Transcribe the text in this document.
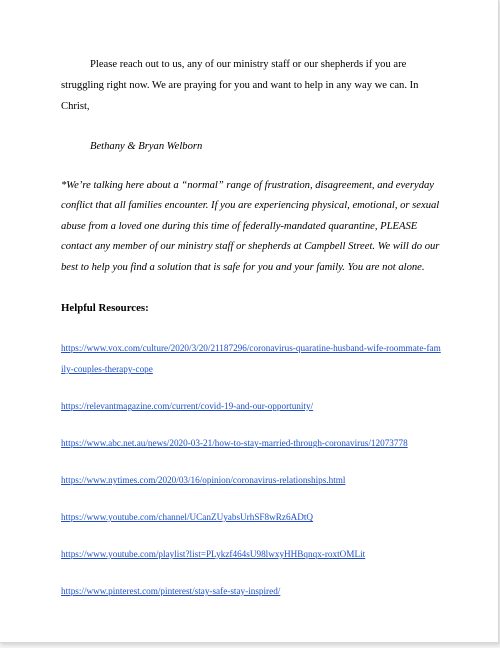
Please reach out to us, any of our ministry staff or our shepherds if you are struggling right now. We are praying for you and want to help in any way we can. In Christ,

Bethany & Bryan Welborn

*We’re talking here about a “normal” range of frustration, disagreement, and everyday conflict that all families encounter. If you are experiencing physical, emotional, or sexual abuse from a loved one during this time of federally-mandated quarantine, PLEASE contact any member of our ministry staff or shepherds at Campbell Street. We will do our best to help you find a solution that is safe for you and your family. You are not alone.

Helpful Resources:

https://www.vox.com/culture/2020/3/20/21187296/coronavirus-quaratine-husband-wife-roommate-family-couples-therapy-cope
https://relevantmagazine.com/current/covid-19-and-our-opportunity/
https://www.abc.net.au/news/2020-03-21/how-to-stay-married-through-coronavirus/12073778
https://www.nytimes.com/2020/03/16/opinion/coronavirus-relationships.html
https://www.youtube.com/channel/UCanZUyabsUrhSF8wRz6ADtQ
https://www.youtube.com/playlist?list=PLykzf464sU98lwxyHHBqnqx-roxtOMLit
https://www.pinterest.com/pinterest/stay-safe-stay-inspired/
